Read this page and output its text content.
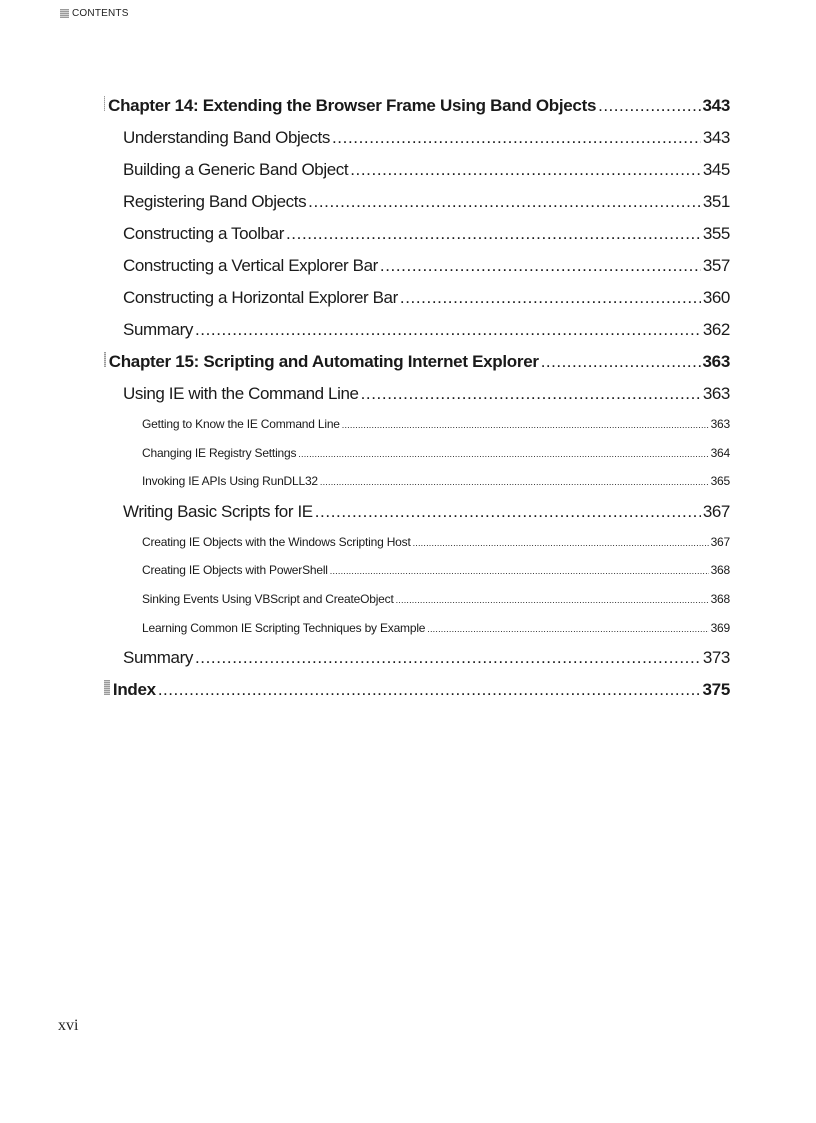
CONTENTS
Chapter 14: Extending the Browser Frame Using Band Objects .....	343
Understanding Band Objects .....	343
Building a Generic Band Object .....	345
Registering Band Objects .....	351
Constructing a Toolbar .....	355
Constructing a Vertical Explorer Bar .....	357
Constructing a Horizontal Explorer Bar .....	360
Summary .....	362
Chapter 15: Scripting and Automating Internet Explorer .....	363
Using IE with the Command Line .....	363
Getting to Know the IE Command Line .....	363
Changing IE Registry Settings .....	364
Invoking IE APIs Using RunDLL32 .....	365
Writing Basic Scripts for IE .....	367
Creating IE Objects with the Windows Scripting Host .....	367
Creating IE Objects with PowerShell .....	368
Sinking Events Using VBScript and CreateObject .....	368
Learning Common IE Scripting Techniques by Example .....	369
Summary .....	373
Index .....	375
xvi
